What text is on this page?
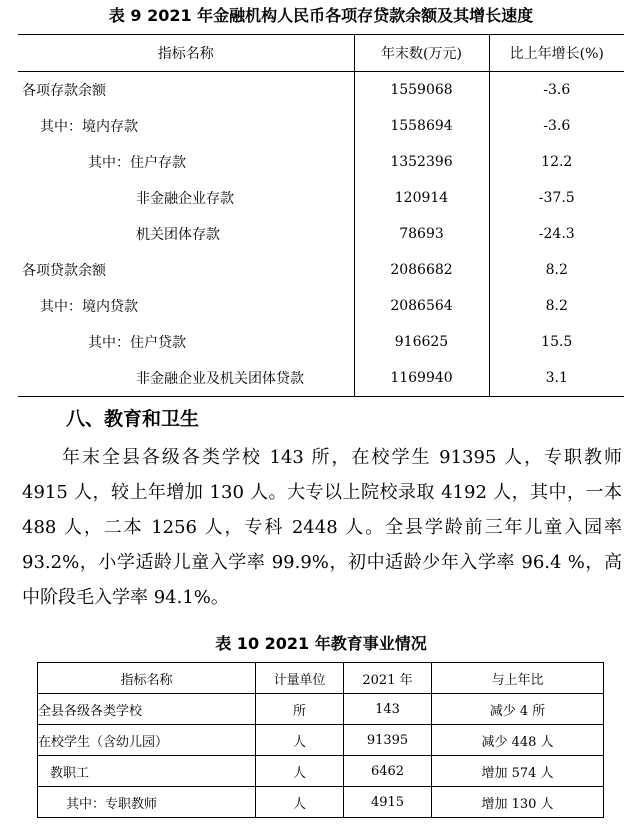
表 9 2021 年金融机构人民币各项存贷款余额及其增长速度
指标名称	年末数(万元)	比上年增长(%)
各项存款余额	1559068	-3.6
其中：境内存款	1558694	-3.6
其中：住户存款	1352396	12.2
非金融企业存款	120914	-37.5
机关团体存款	78693	-24.3
各项贷款余额	2086682	8.2
其中：境内贷款	2086564	8.2
其中：住户贷款	916625	15.5
非金融企业及机关团体贷款	1169940	3.1
八、教育和卫生
年末全县各级各类学校 143 所，在校学生 91395 人，专职教师 4915 人，较上年增加 130 人。大专以上院校录取 4192 人，其中，一本 488 人，二本 1256 人，专科 2448 人。全县学龄前三年儿童入园率 93.2%，小学适龄儿童入学率 99.9%，初中适龄少年入学率 96.4 %，高中阶段毛入学率 94.1%。
表 10 2021 年教育事业情况
指标名称	计量单位	2021 年	与上年比
全县各级各类学校	所	143	减少 4 所
在校学生（含幼儿园）	人	91395	减少 448 人
教职工	人	6462	增加 574 人
其中：专职教师	人	4915	增加 130 人
